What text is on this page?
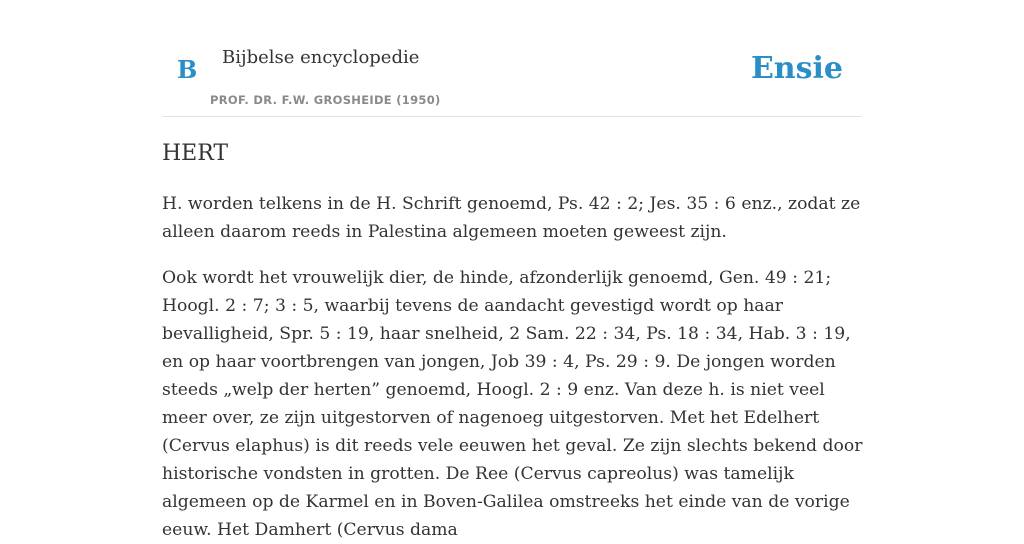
B Bijbelse encyclopedie
PROF. DR. F.W. GROSHEIDE (1950)
Ensie
HERT

H. worden telkens in de H. Schrift genoemd, Ps. 42 : 2; Jes. 35 : 6 enz., zodat ze alleen daarom reeds in Palestina algemeen moeten geweest zijn.

Ook wordt het vrouwelijk dier, de hinde, afzonderlijk genoemd, Gen. 49 : 21; Hoogl. 2 : 7; 3 : 5, waarbij tevens de aandacht gevestigd wordt op haar bevalligheid, Spr. 5 : 19, haar snelheid, 2 Sam. 22 : 34, Ps. 18 : 34, Hab. 3 : 19, en op haar voortbrengen van jongen, Job 39 : 4, Ps. 29 : 9. De jongen worden steeds „welp der herten” genoemd, Hoogl. 2 : 9 enz. Van deze h. is niet veel meer over, ze zijn uitgestorven of nagenoeg uitgestorven. Met het Edelhert (Cervus elaphus) is dit reeds vele eeuwen het geval. Ze zijn slechts bekend door historische vondsten in grotten. De Ree (Cervus capreolus) was tamelijk algemeen op de Karmel en in Boven-Galilea omstreeks het einde van de vorige eeuw. Het Damhert (Cervus dama
